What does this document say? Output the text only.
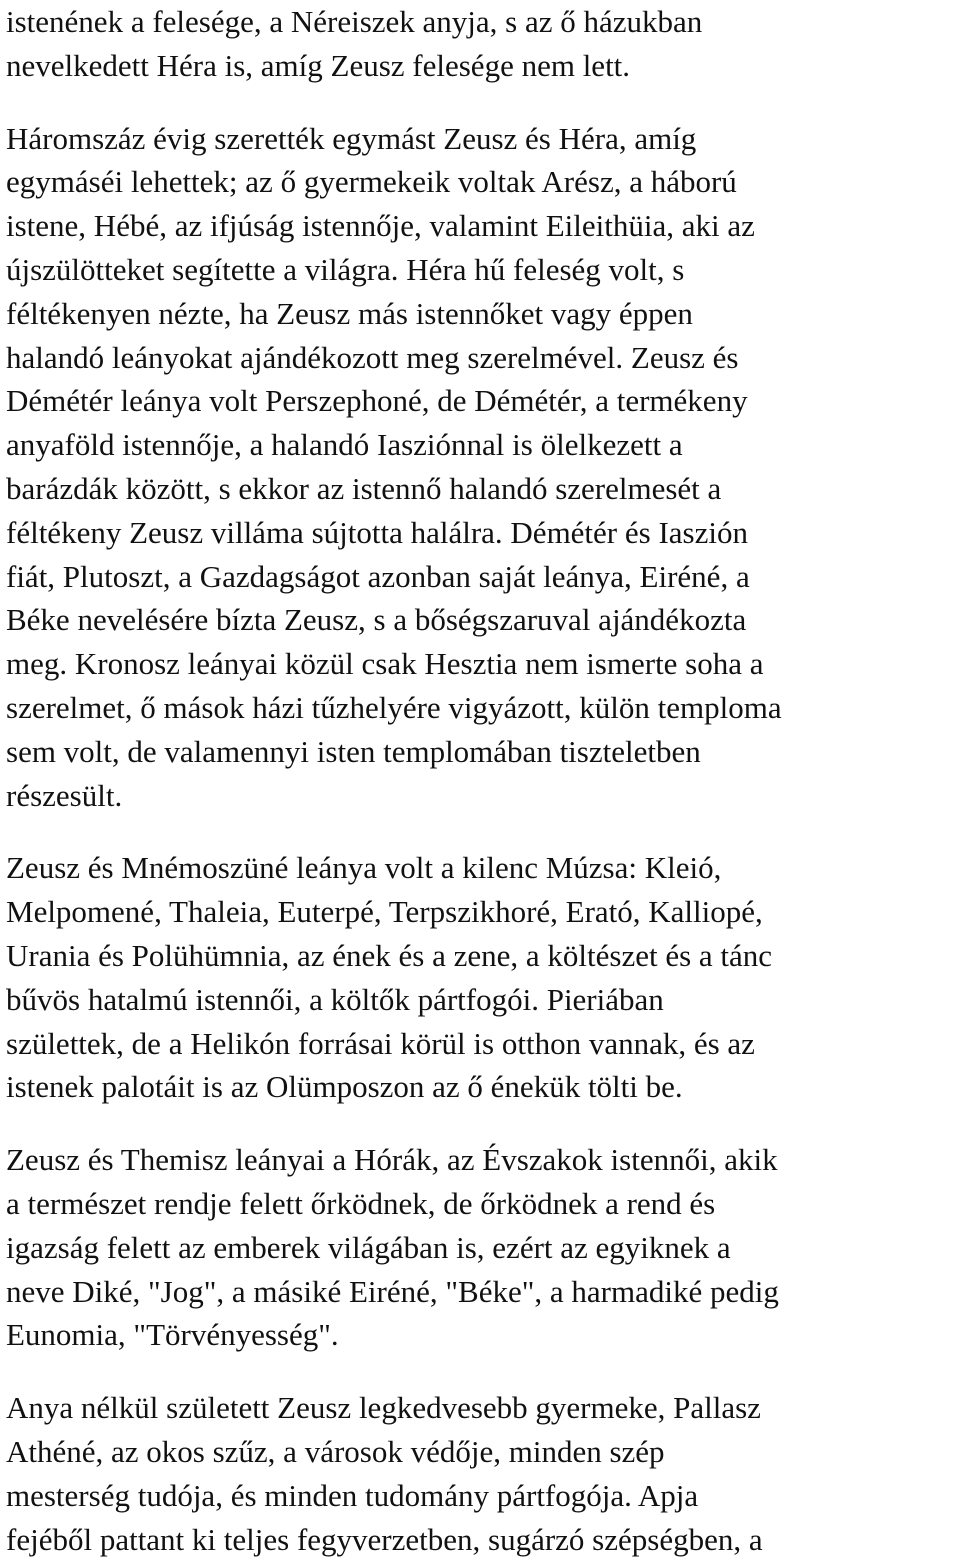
istenének a felesége, a Néreiszek anyja, s az ő házukban
nevelkedett Héra is, amíg Zeusz felesége nem lett.
Háromszáz évig szerették egymást Zeusz és Héra, amíg
egymáséi lehettek; az ő gyermekeik voltak Arész, a háború
istene, Hébé, az ifjúság istennője, valamint Eileithüia, aki az
újszülötteket segítette a világra. Héra hű feleség volt, s
féltékenyen nézte, ha Zeusz más istennőket vagy éppen
halandó leányokat ajándékozott meg szerelmével. Zeusz és
Démétér leánya volt Perszephoné, de Démétér, a termékeny
anyaföld istennője, a halandó Iasziónnal is ölelkezett a
barázdák között, s ekkor az istennő halandó szerelmesét a
féltékeny Zeusz villáma sújtotta halálra. Démétér és Iaszión
fiát, Plutoszt, a Gazdagságot azonban saját leánya, Eiréné, a
Béke nevelésére bízta Zeusz, s a bőségszaruval ajándékozta
meg. Kronosz leányai közül csak Hesztia nem ismerte soha a
szerelmet, ő mások házi tűzhelyére vigyázott, külön temploma
sem volt, de valamennyi isten templomában tiszteletben
részesült.
Zeusz és Mnémoszüné leánya volt a kilenc Múzsa: Kleió,
Melpomené, Thaleia, Euterpé, Terpszikhoré, Erató, Kalliopé,
Urania és Polühümnia, az ének és a zene, a költészet és a tánc
bűvös hatalmú istennői, a költők pártfogói. Pieriában
születtek, de a Helikón forrásai körül is otthon vannak, és az
istenek palotáit is az Olümposzon az ő énekük tölti be.
Zeusz és Themisz leányai a Hórák, az Évszakok istennői, akik
a természet rendje felett őrködnek, de őrködnek a rend és
igazság felett az emberek világában is, ezért az egyiknek a
neve Diké, "Jog", a másiké Eiréné, "Béke", a harmadiké pedig
Eunomia, "Törvényesség".
Anya nélkül született Zeusz legkedvesebb gyermeke, Pallasz
Athéné, az okos szűz, a városok védője, minden szép
mesterség tudója, és minden tudomány pártfogója. Apja
fejéből pattant ki teljes fegyverzetben, sugárzó szépségben, a
